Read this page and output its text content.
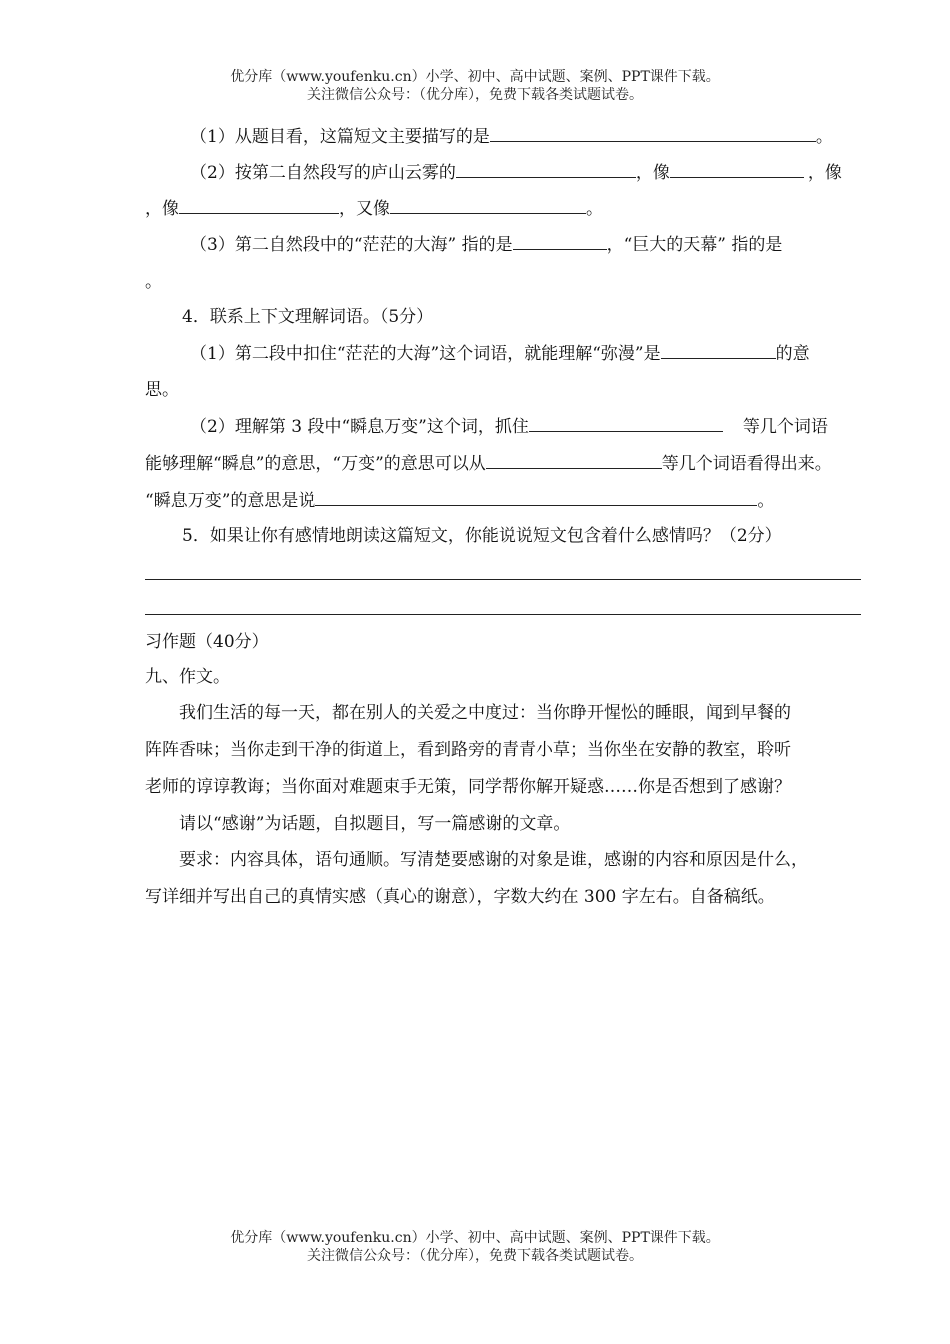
优分库（www.youfenku.cn）小学、初中、高中试题、案例、PPT课件下载。
关注微信公众号：（优分库），免费下载各类试题试卷。
（1）从题目看，这篇短文主要描写的是	。
（2）按第二自然段写的庐山云雾的	，像	，像
，像	，又像	。
（3）第二自然段中的“茫茫的大海” 指的是	，“巨大的天幕” 指的是
。
4．联系上下文理解词语。（5分）
（1）第二段中扣住“茫茫的大海”这个词语，就能理解“弥漫”是	的意
思。
（2）理解第 3 段中“瞬息万变”这个词，抓住	等几个词语
能够理解“瞬息”的意思，“万变”的意思可以从	等几个词语看得出来。
“瞬息万变”的意思是说	。
5．如果让你有感情地朗读这篇短文，你能说说短文包含着什么感情吗？（2分）
习作题（40分）
九、作文。
我们生活的每一天，都在别人的关爱之中度过：当你睁开惺忪的睡眼，闻到早餐的
阵阵香味；当你走到干净的街道上，看到路旁的青青小草；当你坐在安静的教室，聆听
老师的谆谆教诲；当你面对难题束手无策，同学帮你解开疑惑……你是否想到了感谢？
请以“感谢”为话题，自拟题目，写一篇感谢的文章。
要求：内容具体，语句通顺。写清楚要感谢的对象是谁，感谢的内容和原因是什么，
写详细并写出自己的真情实感（真心的谢意），字数大约在 300 字左右。自备稿纸。
优分库（www.youfenku.cn）小学、初中、高中试题、案例、PPT课件下载。
关注微信公众号：（优分库），免费下载各类试题试卷。
